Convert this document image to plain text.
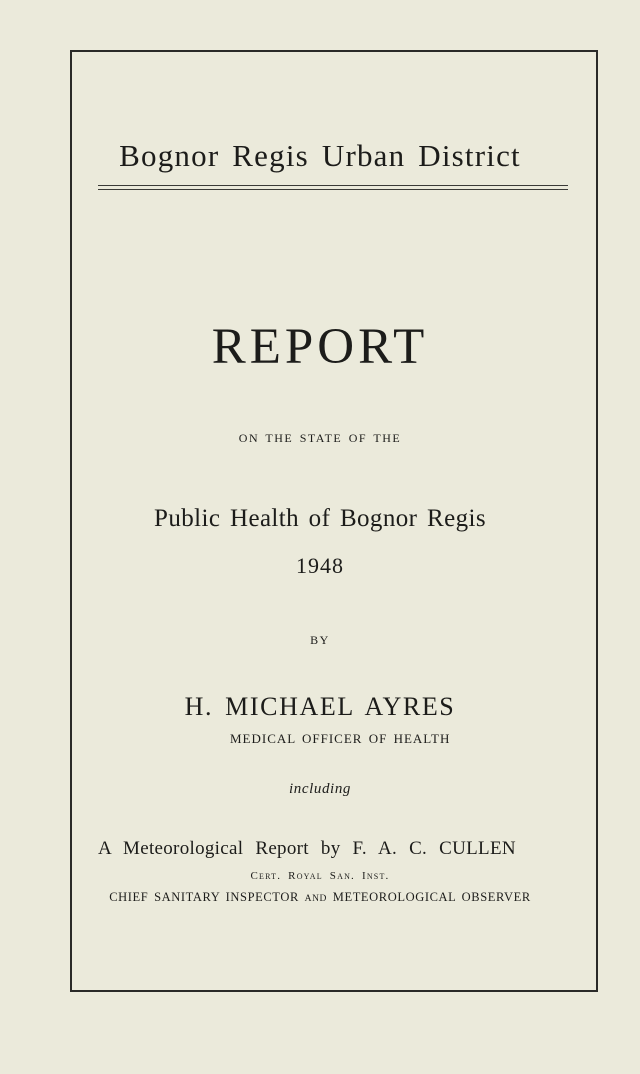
Bognor Regis Urban District
REPORT
ON THE STATE OF THE
Public Health of Bognor Regis
1948
BY
H. MICHAEL AYRES
MEDICAL OFFICER OF HEALTH
including
A Meteorological Report by F. A. C. CULLEN
Cert. Royal San. Inst.
CHIEF SANITARY INSPECTOR AND METEOROLOGICAL OBSERVER
